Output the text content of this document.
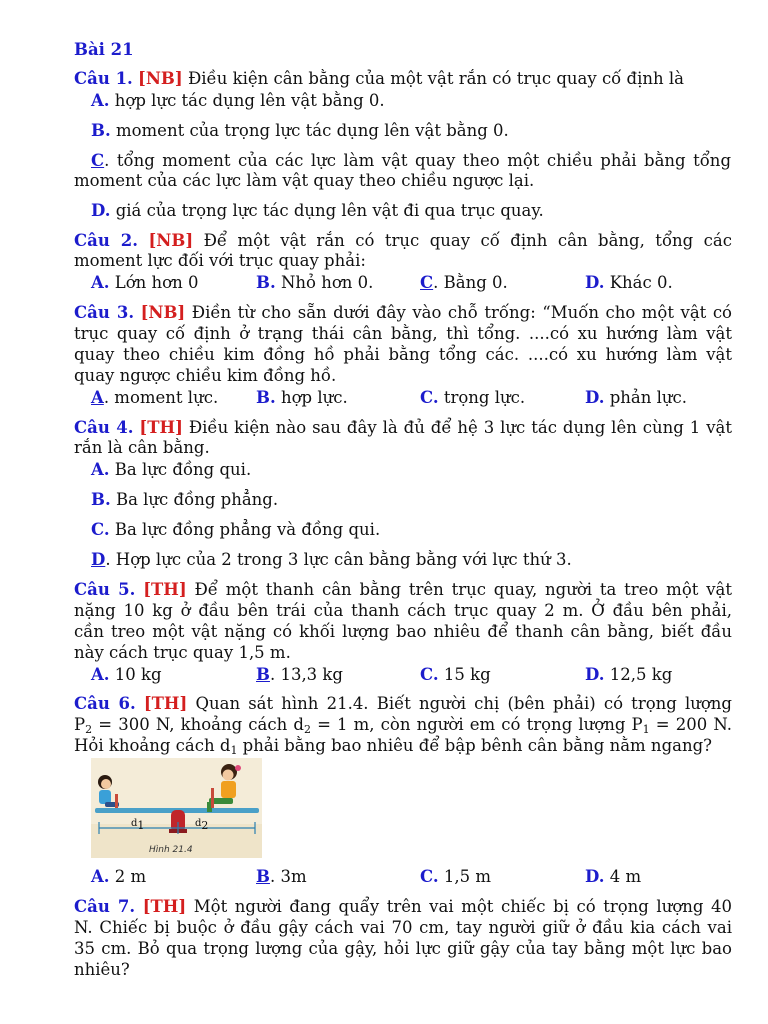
Bài 21
Câu 1. [NB] Điều kiện cân bằng của một vật rắn có trục quay cố định là
A. hợp lực tác dụng lên vật bằng 0.
B. moment của trọng lực tác dụng lên vật bằng 0.
C. tổng moment của các lực làm vật quay theo một chiều phải bằng tổng
moment của các lực làm vật quay theo chiều ngược lại.
D. giá của trọng lực tác dụng lên vật đi qua trục quay.
Câu 2. [NB] Để một vật rắn có trục quay cố định cân bằng, tổng các
moment lực đối với trục quay phải:
A. Lớn hơn 0	B. Nhỏ hơn 0.	C. Bằng 0.	D. Khác 0.
Câu 3. [NB] Điền từ cho sẵn dưới đây vào chỗ trống: “Muốn cho một vật có
trục quay cố định ở trạng thái cân bằng, thì tổng. ....có xu hướng làm vật
quay theo chiều kim đồng hồ phải bằng tổng các. ....có xu hướng làm vật
quay ngược chiều kim đồng hồ.
A. moment lực. B. hợp lực.	C. trọng lực.	D. phản lực.
Câu 4. [TH] Điều kiện nào sau đây là đủ để hệ 3 lực tác dụng lên cùng 1 vật
rắn là cân bằng.
A. Ba lực đồng qui.
B. Ba lực đồng phẳng.
C. Ba lực đồng phẳng và đồng qui.
D. Hợp lực của 2 trong 3 lực cân bằng bằng với lực thứ 3.
Câu 5. [TH] Để một thanh cân bằng trên trục quay, người ta treo một vật
nặng 10 kg ở đầu bên trái của thanh cách trục quay 2 m. Ở đầu bên phải,
cần treo một vật nặng có khối lượng bao nhiêu để thanh cân bằng, biết đầu
này cách trục quay 1,5 m.
A. 10 kg	B. 13,3 kg	C. 15 kg	D. 12,5 kg
Câu 6. [TH] Quan sát hình 21.4. Biết người chị (bên phải) có trọng lượng
$P_2 = 300$ N, khoảng cách $d_2 = 1$ m, còn người em có trọng lượng $P_1 = 200$ N.
Hỏi khoảng cách $d_1$ phải bằng bao nhiêu để bập bênh cân bằng nằm ngang?
$d_1$	$d_2$
Hình 21.4
A. 2 m	B. 3m	C. 1,5 m	D. 4 m
Câu 7. [TH] Một người đang quẩy trên vai một chiếc bị có trọng lượng 40
N. Chiếc bị buộc ở đầu gậy cách vai 70 cm, tay người giữ ở đầu kia cách vai
35 cm. Bỏ qua trọng lượng của gậy, hỏi lực giữ gậy của tay bằng một lực bao
nhiêu?
